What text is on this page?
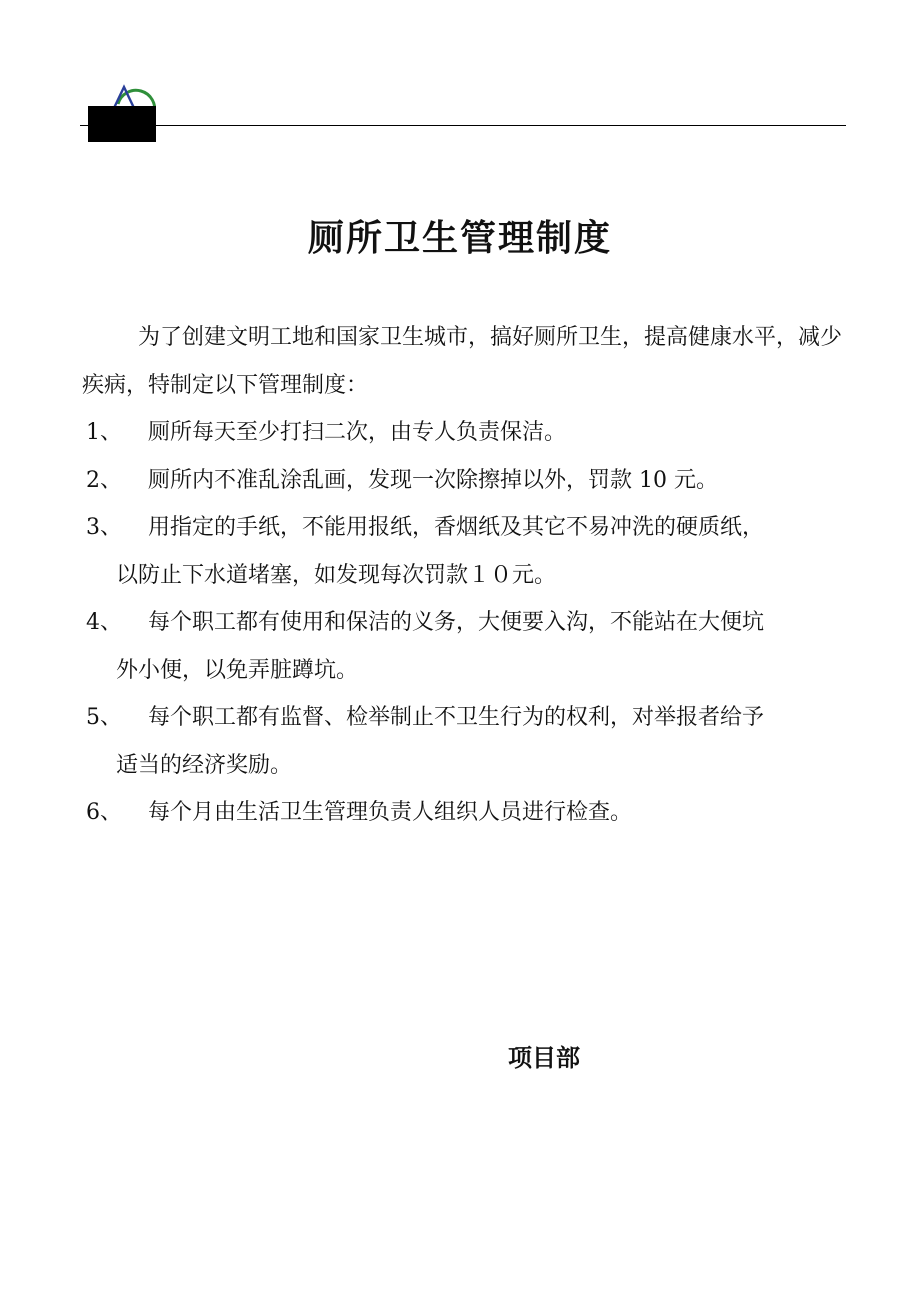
厕所卫生管理制度

为了创建文明工地和国家卫生城市，搞好厕所卫生，提高健康水平，减少疾病，特制定以下管理制度：

1、 厕所每天至少打扫二次，由专人负责保洁。
2、 厕所内不准乱涂乱画，发现一次除擦掉以外，罚款 10 元。
3、 用指定的手纸，不能用报纸，香烟纸及其它不易冲洗的硬质纸，
以防止下水道堵塞，如发现每次罚款１０元。
4、 每个职工都有使用和保洁的义务，大便要入沟，不能站在大便坑
外小便，以免弄脏蹲坑。
5、 每个职工都有监督、检举制止不卫生行为的权利，对举报者给予
适当的经济奖励。
6、 每个月由生活卫生管理负责人组织人员进行检查。

项目部
